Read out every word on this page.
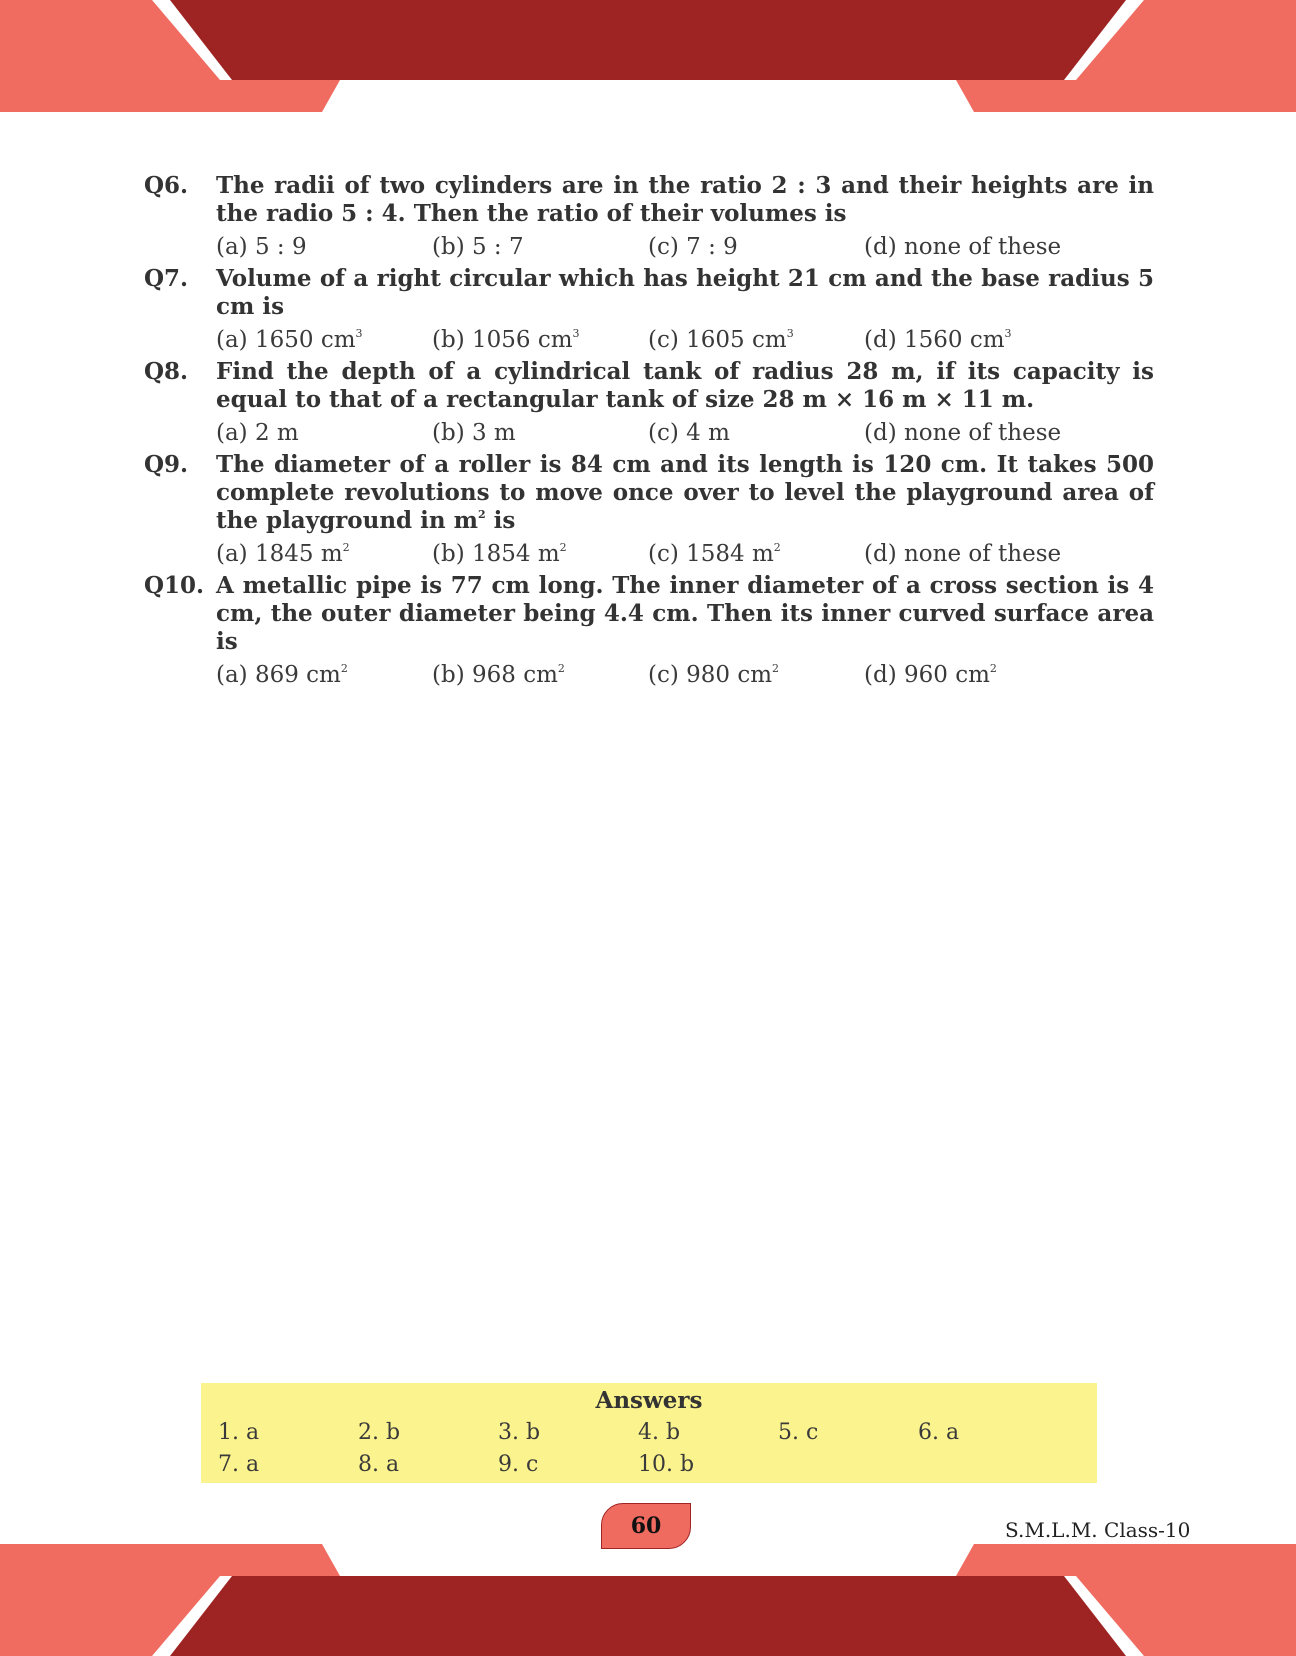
Q6.	The radii of two cylinders are in the ratio 2 : 3 and their heights are in the radio 5 : 4. Then the ratio of their volumes is
(a) 5 : 9	(b) 5 : 7	(c) 7 : 9	(d) none of these
Q7.	Volume of a right circular which has height 21 cm and the base radius 5 cm is
(a) 1650 $cm^3$	(b) 1056 $cm^3$	(c) 1605 $cm^3$	(d) 1560 $cm^3$
Q8.	Find the depth of a cylindrical tank of radius 28 m, if its capacity is equal to that of a rectangular tank of size 28 m × 16 m × 11 m.
(a) 2 m	(b) 3 m	(c) 4 m	(d) none of these
Q9.	The diameter of a roller is 84 cm and its length is 120 cm. It takes 500 complete revolutions to move once over to level the playground area of the playground in $m^2$ is
(a) 1845 $m^2$	(b) 1854 $m^2$	(c) 1584 $m^2$	(d) none of these
Q10. A metallic pipe is 77 cm long. The inner diameter of a cross section is 4 cm, the outer diameter being 4.4 cm. Then its inner curved surface area is
(a) 869 $cm^2$	(b) 968 $cm^2$	(c) 980 $cm^2$	(d) 960 $cm^2$
Answers
1. a	2. b	3. b	4. b	5. c	6. a
7. a	8. a	9. c	10. b
60	S.M.L.M. Class-10
